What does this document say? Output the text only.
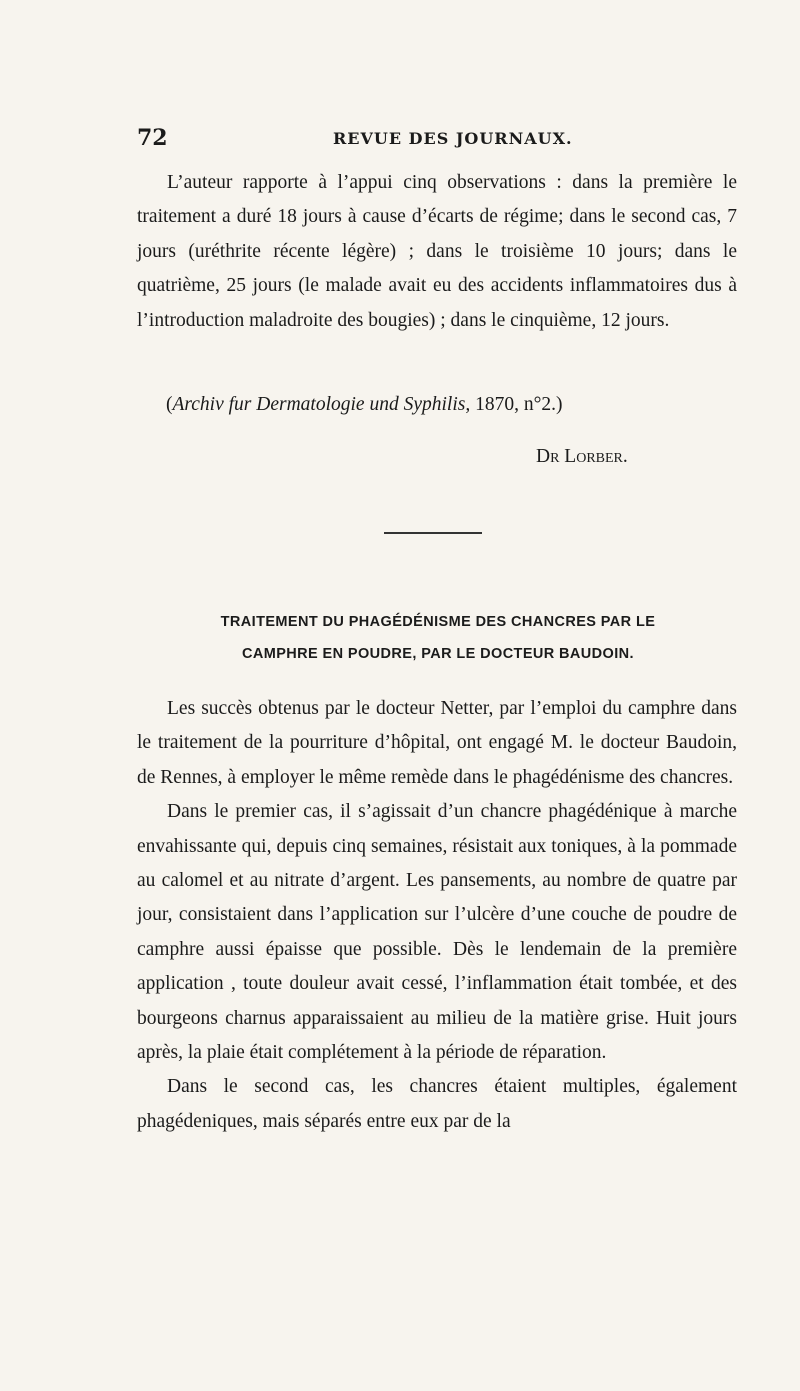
72	REVUE DES JOURNAUX.

L’auteur rapporte à l’appui cinq observations : dans la première le traitement a duré 18 jours à cause d’écarts de régime; dans le second cas, 7 jours (uréthrite récente légère) ; dans le troisième 10 jours; dans le quatrième, 25 jours (le malade avait eu des accidents inflammatoires dus à l’introduction maladroite des bougies) ; dans le cinquième, 12 jours.

(Archiv fur Dermatologie und Syphilis, 1870, n°2.)
Dr Lorber.
TRAITEMENT DU PHAGÉDÉNISME DES CHANCRES PAR LE
CAMPHRE EN POUDRE, PAR LE DOCTEUR BAUDOIN.

Les succès obtenus par le docteur Netter, par l’emploi du camphre dans le traitement de la pourriture d’hôpital, ont engagé M. le docteur Baudoin, de Rennes, à employer le même remède dans le phagédénisme des chancres.

Dans le premier cas, il s’agissait d’un chancre phagédénique à marche envahissante qui, depuis cinq semaines, résistait aux toniques, à la pommade au calomel et au nitrate d’argent. Les pansements, au nombre de quatre par jour, consistaient dans l’application sur l’ulcère d’une couche de poudre de camphre aussi épaisse que possible. Dès le lendemain de la première application , toute douleur avait cessé, l’inflammation était tombée, et des bourgeons charnus apparaissaient au milieu de la matière grise. Huit jours après, la plaie était complétement à la période de réparation.

Dans le second cas, les chancres étaient multiples, également phagédeniques, mais séparés entre eux par de la
